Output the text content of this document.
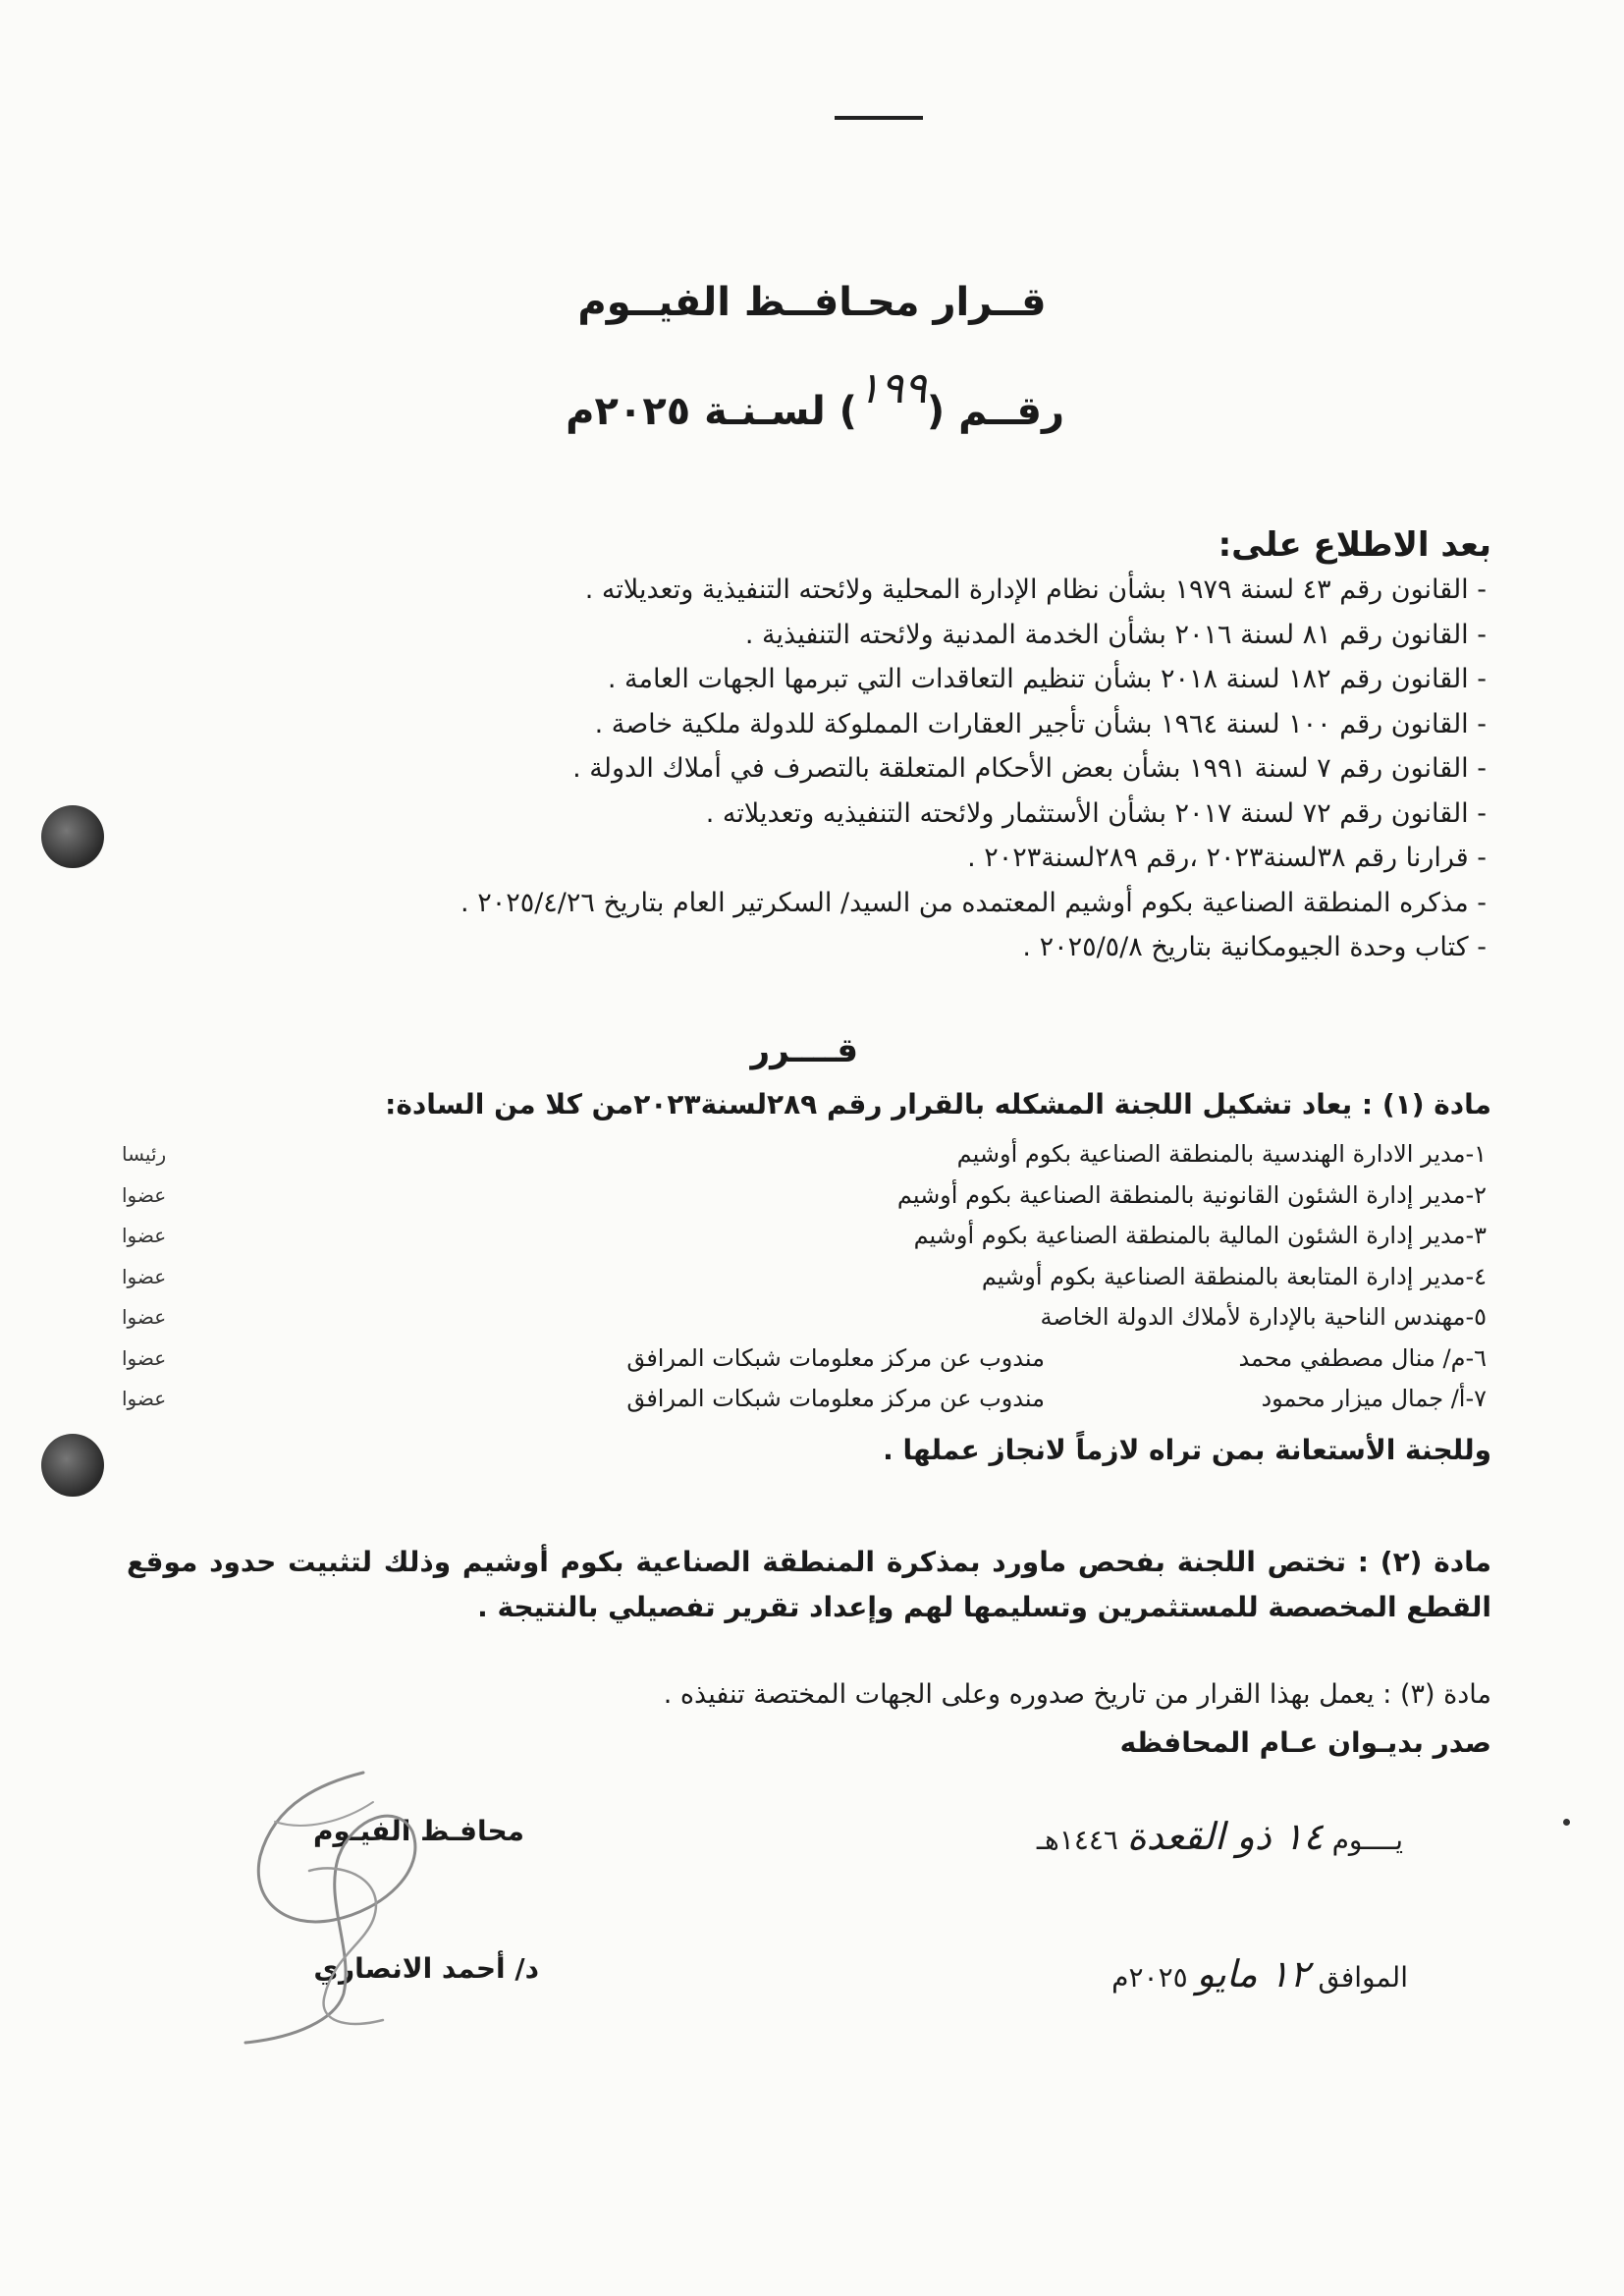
قــرار محـافــظ الفيــوم
رقــم (١٩٩) لسـنـة ٢٠٢٥م
بعد الاطلاع على:
- القانون رقم ٤٣ لسنة ١٩٧٩ بشأن نظام الإدارة المحلية ولائحته التنفيذية وتعديلاته .
- القانون رقم ٨١ لسنة ٢٠١٦ بشأن الخدمة المدنية ولائحته التنفيذية .
- القانون رقم ١٨٢ لسنة ٢٠١٨ بشأن تنظيم التعاقدات التي تبرمها الجهات العامة .
- القانون رقم ١٠٠ لسنة ١٩٦٤ بشأن تأجير العقارات المملوكة للدولة ملكية خاصة .
- القانون رقم ٧ لسنة ١٩٩١ بشأن بعض الأحكام المتعلقة بالتصرف في أملاك الدولة .
- القانون رقم ٧٢ لسنة ٢٠١٧ بشأن الأستثمار ولائحته التنفيذيه وتعديلاته .
- قرارنا رقم ٣٨لسنة٢٠٢٣ ،رقم ٢٨٩لسنة٢٠٢٣ .
- مذكره المنطقة الصناعية بكوم أوشيم المعتمده من السيد/ السكرتير العام بتاريخ ٢٠٢٥/٤/٢٦ .
- كتاب وحدة الجيومكانية بتاريخ ٢٠٢٥/٥/٨ .
قــــرر
مادة (١) : يعاد تشكيل اللجنة المشكله بالقرار رقم ٢٨٩لسنة٢٠٢٣من كلا من السادة:
١-مدير الادارة الهندسية بالمنطقة الصناعية بكوم أوشيم
رئيسا
٢-مدير إدارة الشئون القانونية بالمنطقة الصناعية بكوم أوشيم
عضوا
٣-مدير إدارة الشئون المالية بالمنطقة الصناعية بكوم أوشيم
عضوا
٤-مدير إدارة المتابعة بالمنطقة الصناعية بكوم أوشيم
عضوا
٥-مهندس الناحية بالإدارة لأملاك الدولة الخاصة
عضوا
٦-م/ منال مصطفي محمد
مندوب عن مركز معلومات شبكات المرافق
عضوا
٧-أ/ جمال ميزار محمود
مندوب عن مركز معلومات شبكات المرافق
عضوا
وللجنة الأستعانة بمن تراه لازماً لانجاز عملها .
مادة (٢) : تختص اللجنة بفحص ماورد بمذكرة المنطقة الصناعية بكوم أوشيم وذلك لتثبيت حدود موقع القطع المخصصة للمستثمرين وتسليمها لهم وإعداد تقرير تفصيلي بالنتيجة .
مادة (٣) : يعمل بهذا القرار من تاريخ صدوره وعلى الجهات المختصة تنفيذه .
صدر بديـوان عـام المحافظه
يــــوم ١٤ ذو القعدة ١٤٤٦هـ
الموافق ١٢ مايو ٢٠٢٥م
محافـظ الفيـوم
د/ أحمد الانصاري
